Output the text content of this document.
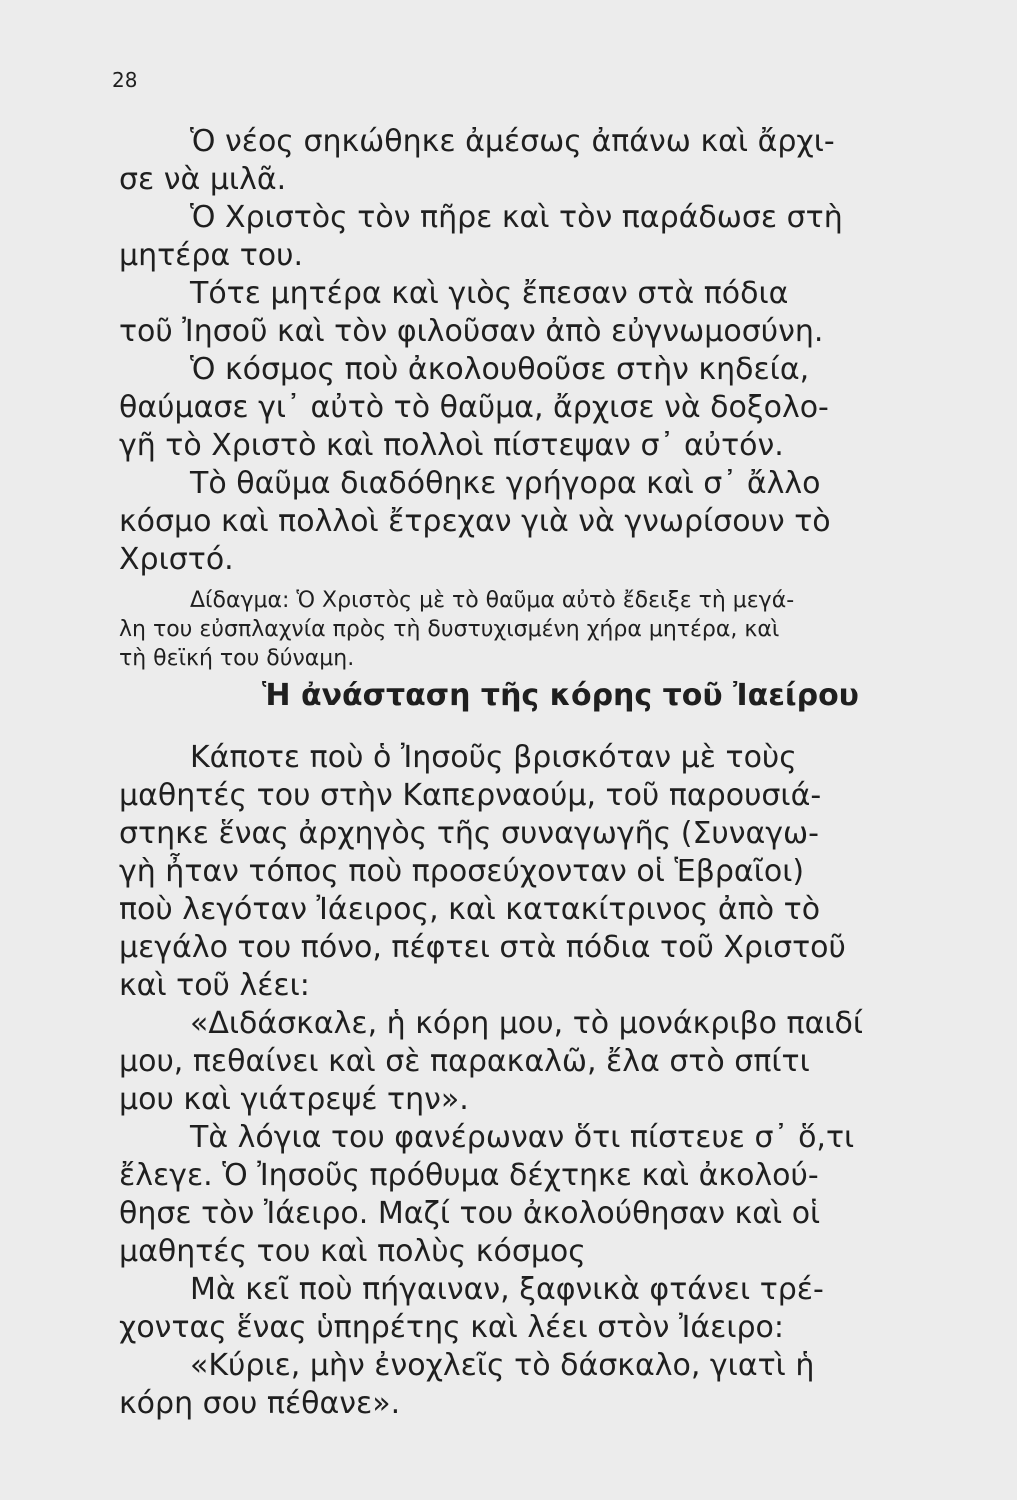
28
Ὁ νέος σηκώθηκε ἀμέσως ἀπάνω καὶ ἄρχι-
σε νὰ μιλᾶ.
Ὁ Χριστὸς τὸν πῆρε καὶ τὸν παράδωσε στὴ
μητέρα του.
Τότε μητέρα καὶ γιὸς ἔπεσαν στὰ πόδια
τοῦ Ἰησοῦ καὶ τὸν φιλοῦσαν ἀπὸ εὐγνωμοσύνη.
Ὁ κόσμος ποὺ ἀκολουθοῦσε στὴν κηδεία,
θαύμασε γι᾽ αὐτὸ τὸ θαῦμα, ἄρχισε νὰ δοξολο-
γῆ τὸ Χριστὸ καὶ πολλοὶ πίστεψαν σ᾽ αὐτόν.
Τὸ θαῦμα διαδόθηκε γρήγορα καὶ σ᾽ ἄλλο
κόσμο καὶ πολλοὶ ἔτρεχαν γιὰ νὰ γνωρίσουν τὸ
Χριστό.
Δίδαγμα: Ὁ Χριστὸς μὲ τὸ θαῦμα αὐτὸ ἔδειξε τὴ μεγά-
λη του εὐσπλαχνία πρὸς τὴ δυστυχισμένη χήρα μητέρα, καὶ
τὴ θεϊκή του δύναμη.
Ἡ ἀνάσταση τῆς κόρης τοῦ Ἰαείρου
Κάποτε ποὺ ὁ Ἰησοῦς βρισκόταν μὲ τοὺς
μαθητές του στὴν Καπερναούμ, τοῦ παρουσιά-
στηκε ἕνας ἀρχηγὸς τῆς συναγωγῆς (Συναγω-
γὴ ἦταν τόπος ποὺ προσεύχονταν οἱ Ἑβραῖοι)
ποὺ λεγόταν Ἰάειρος, καὶ κατακίτρινος ἀπὸ τὸ
μεγάλο του πόνο, πέφτει στὰ πόδια τοῦ Χριστοῦ
καὶ τοῦ λέει:
«Διδάσκαλε, ἡ κόρη μου, τὸ μονάκριβο παιδί
μου, πεθαίνει καὶ σὲ παρακαλῶ, ἔλα στὸ σπίτι
μου καὶ γιάτρεψέ την».
Τὰ λόγια του φανέρωναν ὅτι πίστευε σ᾽ ὅ,τι
ἔλεγε. Ὁ Ἰησοῦς πρόθυμα δέχτηκε καὶ ἀκολού-
θησε τὸν Ἰάειρο. Μαζί του ἀκολούθησαν καὶ οἱ
μαθητές του καὶ πολὺς κόσμος
Μὰ κεῖ ποὺ πήγαιναν, ξαφνικὰ φτάνει τρέ-
χοντας ἕνας ὑπηρέτης καὶ λέει στὸν Ἰάειρο:
«Κύριε, μὴν ἐνοχλεῖς τὸ δάσκαλο, γιατὶ ἡ
κόρη σου πέθανε».
